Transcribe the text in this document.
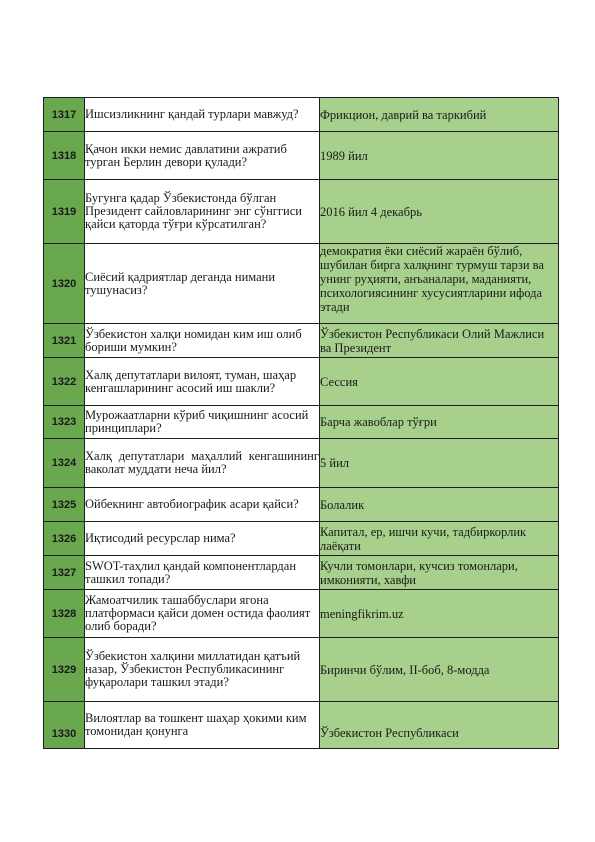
1317	Ишсизликнинг қандай турлари мавжуд?	Фрикцион, даврий ва таркибий
1318	Қачон икки немис давлатини ажратиб турган Берлин девори қулади?	1989 йил
1319	Бугунга қадар Ўзбекистонда бўлган Президент сайловларининг энг сўнггиси қайси қаторда тўғри кўрсатилган?	2016 йил 4 декабрь
1320	Сиёсий қадриятлар деганда нимани тушунасиз?	демократия ёки сиёсий жараён бўлиб, шубилан бирга халқнинг турмуш тарзи ва унинг руҳияти, анъаналари, маданияти, психологиясининг хусусиятларини ифода этади
1321	Ўзбекистон халқи номидан ким иш олиб бориши мумкин?	Ўзбекистон Республикаси Олий Мажлиси ва Президент
1322	Халқ депутатлари вилоят, туман, шаҳар кенгашларининг асосий иш шакли?	Сессия
1323	Мурожаатларни кўриб чиқишнинг асосий принциплари?	Барча жавоблар тўғри
1324	Халқ депутатлари маҳаллий кенгашининг ваколат муддати неча йил?	5 йил
1325	Ойбекнинг автобиографик асари қайси?	Болалик
1326	Иқтисодий ресурслар нима?	Капитал, ер, ишчи кучи, тадбиркорлик лаёқати
1327	SWOT-таҳлил қандай компонентлардан ташкил топади?	Кучли томонлари, кучсиз томонлари, имконияти, хавфи
1328	Жамоатчилик ташаббуслари ягона платформаси қайси домен остида фаолият олиб боради?	meningfikrim.uz
1329	Ўзбекистон халқини миллатидан қатъий назар, Ўзбекистон Республикасининг фуқаролари ташкил этади?	Биринчи бўлим, II-боб, 8-модда
1330	Вилоятлар ва тошкент шаҳар ҳокими ким томонидан қонунга	Ўзбекистон Республикаси
